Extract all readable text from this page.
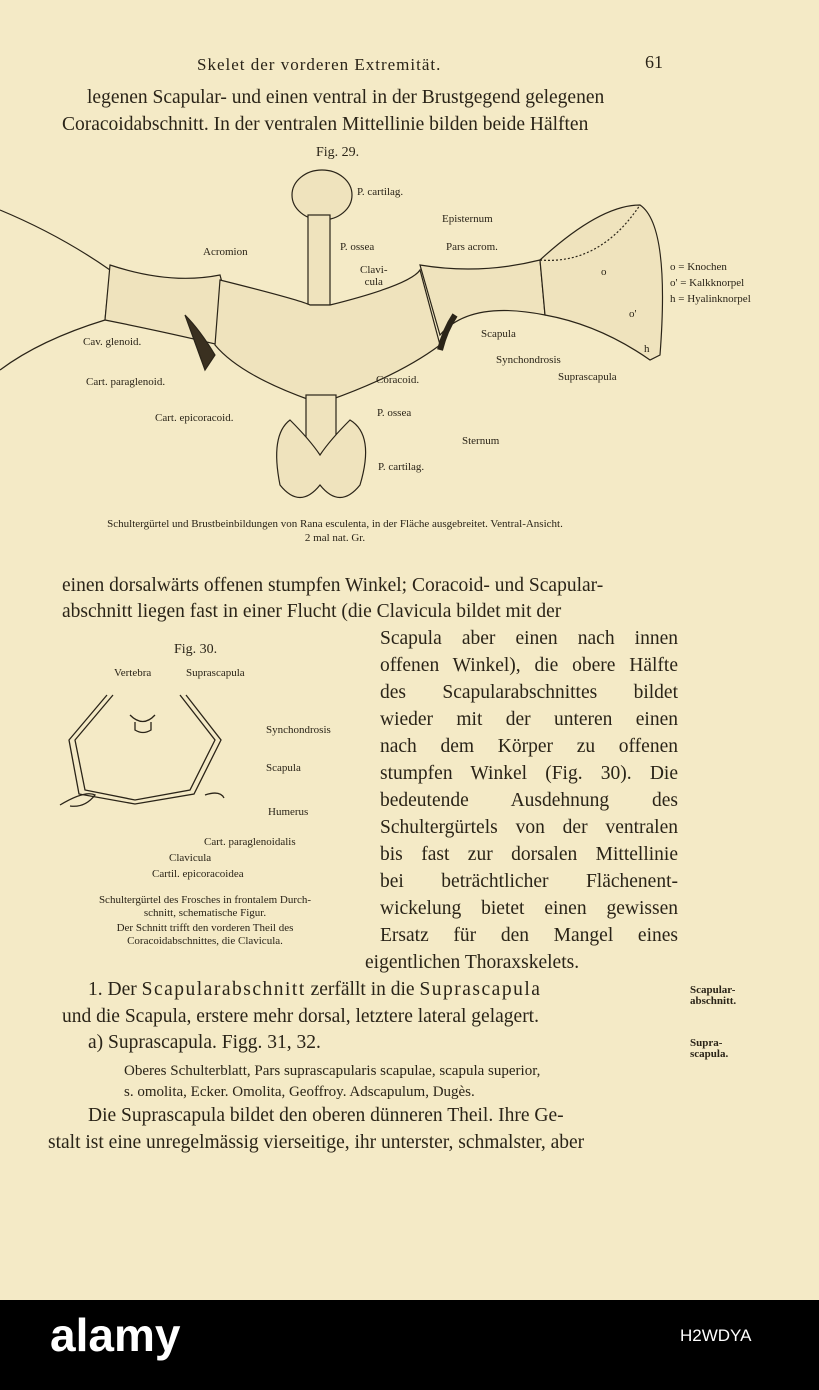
Skelet der vorderen Extremität.	61
legenen Scapular- und einen ventral in der Brustgegend gelegenen
Coracoidabschnitt. In der ventralen Mittellinie bilden beide Hälften
Fig. 29.
P. cartilag.
Episternum
P. ossea	Pars acrom.
Acromion
Clavi-
cula
Cav. glenoid.
Cart. paraglenoid.	Coracoid.
Scapula
Synchondrosis
Suprascapula
Cart. epicoracoid.	P. ossea
Sternum
P. cartilag.
o
o'
h
o = Knochen
o' = Kalkknorpel
h = Hyalinknorpel
Schultergürtel und Brustbeinbildungen von Rana esculenta, in der Fläche ausgebreitet. Ventral-Ansicht.
2 mal nat. Gr.
einen dorsalwärts offenen stumpfen Winkel; Coracoid- und Scapular-
abschnitt liegen fast in einer Flucht (die Clavicula bildet mit der
Scapula aber einen nach innen
offenen Winkel), die obere Hälfte
des Scapularabschnittes bildet
wieder mit der unteren einen
nach dem Körper zu offenen
stumpfen Winkel (Fig. 30). Die
bedeutende Ausdehnung des
Schultergürtels von der ventralen
bis fast zur dorsalen Mittellinie
bei beträchtlicher Flächenent-
wickelung bietet einen gewissen
Ersatz für den Mangel eines
eigentlichen Thoraxskelets.
Fig. 30.
Vertebra	Suprascapula
Synchondrosis
Scapula
Humerus
Cart. paraglenoidalis
Clavicula
Cartil. epicoracoidea
Schultergürtel des Frosches in frontalem Durch-
schnitt, schematische Figur.
Der Schnitt trifft den vorderen Theil des
Coracoidabschnittes, die Clavicula.
1. Der Scapularabschnitt zerfällt in die Suprascapula
und die Scapula, erstere mehr dorsal, letztere lateral gelagert.
a) Suprascapula. Figg. 31, 32.
Oberes Schulterblatt, Pars suprascapularis scapulae, scapula superior,
s. omolita, Ecker. Omolita, Geoffroy. Adscapulum, Dugès.
Die Suprascapula bildet den oberen dünneren Theil. Ihre Ge-
stalt ist eine unregelmässig vierseitige, ihr unterster, schmalster, aber
Scapular-
abschnitt.
Supra-
scapula.
alamy	H2WDYA
